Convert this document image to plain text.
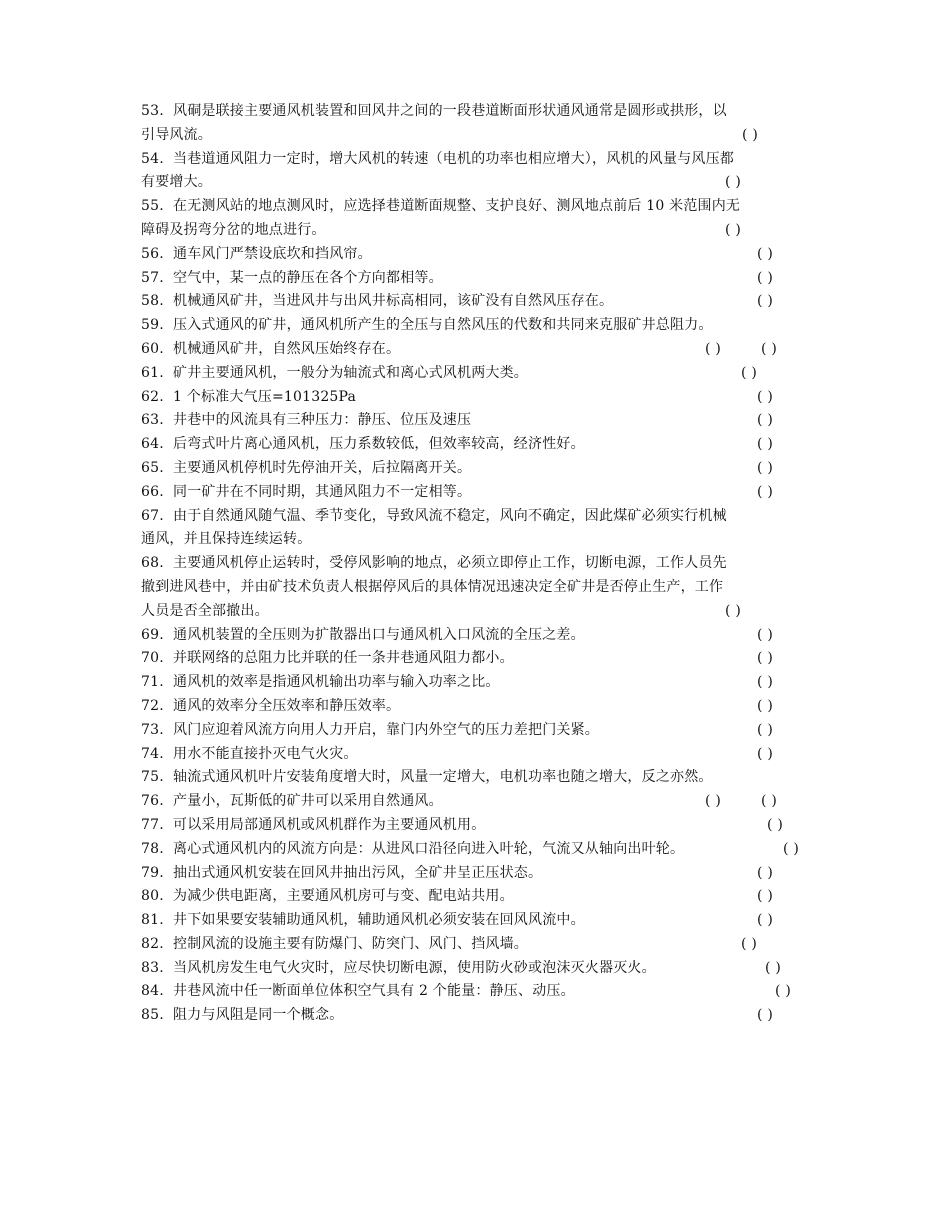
53. 风硐是联接主要通风机装置和回风井之间的一段巷道断面形状通风通常是圆形或拱形，以
引导风流。	( )
54. 当巷道通风阻力一定时，增大风机的转速（电机的功率也相应增大），风机的风量与风压都
有要增大。	( )
55. 在无测风站的地点测风时，应选择巷道断面规整、支护良好、测风地点前后 10 米范围内无
障碍及拐弯分岔的地点进行。	( )
56. 通车风门严禁设底坎和挡风帘。	( )
57. 空气中，某一点的静压在各个方向都相等。	( )
58. 机械通风矿井，当进风井与出风井标高相同，该矿没有自然风压存在。	( )
59. 压入式通风的矿井，通风机所产生的全压与自然风压的代数和共同来克服矿井总阻力。
( )
60. 机械通风矿井，自然风压始终存在。	( )
61. 矿井主要通风机，一般分为轴流式和离心式风机两大类。	( )
62. 1 个标准大气压=101325Pa	( )
63. 井巷中的风流具有三种压力：静压、位压及速压	( )
64. 后弯式叶片离心通风机，压力系数较低，但效率较高，经济性好。	( )
65. 主要通风机停机时先停油开关，后拉隔离开关。	( )
66. 同一矿井在不同时期，其通风阻力不一定相等。	( )
67. 由于自然通风随气温、季节变化，导致风流不稳定，风向不确定，因此煤矿必须实行机械
通风，并且保持连续运转。
68. 主要通风机停止运转时，受停风影响的地点，必须立即停止工作，切断电源，工作人员先
撤到进风巷中，并由矿技术负责人根据停风后的具体情况迅速决定全矿井是否停止生产，工作
人员是否全部撤出。	( )
69. 通风机装置的全压则为扩散器出口与通风机入口风流的全压之差。	( )
70. 并联网络的总阻力比并联的任一条井巷通风阻力都小。	( )
71. 通风机的效率是指通风机输出功率与输入功率之比。	( )
72. 通风的效率分全压效率和静压效率。	( )
73. 风门应迎着风流方向用人力开启，靠门内外空气的压力差把门关紧。	( )
74. 用水不能直接扑灭电气火灾。	( )
75. 轴流式通风机叶片安装角度增大时，风量一定增大，电机功率也随之增大，反之亦然。
( )
76. 产量小，瓦斯低的矿井可以采用自然通风。	( )
77. 可以采用局部通风机或风机群作为主要通风机用。	( )
78. 离心式通风机内的风流方向是：从进风口沿径向进入叶轮，气流又从轴向出叶轮。	( )
79. 抽出式通风机安装在回风井抽出污风，全矿井呈正压状态。	( )
80. 为减少供电距离，主要通风机房可与变、配电站共用。	( )
81. 井下如果要安装辅助通风机，辅助通风机必须安装在回风风流中。	( )
82. 控制风流的设施主要有防爆门、防突门、风门、挡风墙。	( )
83. 当风机房发生电气火灾时，应尽快切断电源，使用防火砂或泡沫灭火器灭火。	( )
84. 井巷风流中任一断面单位体积空气具有 2 个能量：静压、动压。	( )
85. 阻力与风阻是同一个概念。	( )
